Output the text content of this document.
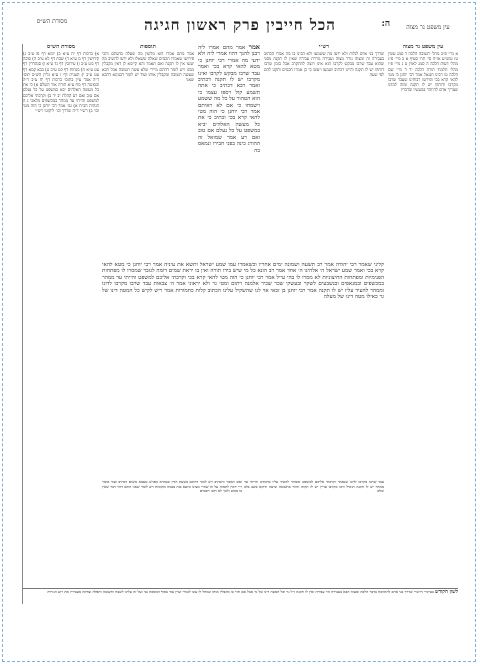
עין משפט נר מצוה
ה:
הכל חייבין פרק ראשון חגיגה
מסורת הש״ס
עין משפט נר מצוה
א מיי׳ פ״ב מהל׳ תשובה הלכה ד סמג עשין טז טוש״ע או״ח סי׳ תרו סעיף א ב מיי׳ פ״ג מהל׳ דעות הלכה ה סמג לאוין ט ג מיי׳ פ״ו מהל׳ תלמוד תורה הלכה יד ד מיי׳ שם הלכה טו רבינו חננאל אמר רבי יוחנן כי מטי להאי קרא בכי ופירשו רבותינו שעבד שרבו מקרבו ודוחהו יש לו תקנה ומזה למדנו שצריך אדם להיזהר במעשיו ובדבריו
רש״י
שדרך בני אדם לגלות ולא ידעו מה ששמעו ולא הבינו בו מה אמרו הכתוב בעבירה זה ומצוה גורר מצוה ועבירה גוררת עבירה שאין לו תקנה מפני שהוא עבד שרבו מבקש לקרבו הוא אינו רוצה להתקרב אבל בזמן שרבו דוחהו יש לו תקנה והיינו דכתיב ושמעו ויעשו כי כן אמרו חכמים ותקנו להם לפי שעה
אמר אמר מהם אמרו ליה רבנן להנך דהוו אמרי ליה ולא ידעי מה אמרי רבי יוחנן כי מטא להאי קרא בכי ואמר עבד שרבו מבקש לקרבו ואינו מקרבו יש לו תקנה דכתיב ואמר רבא דכתיב כי אתה תשמע קול ויספו עצמו כי הוא הטהור על כל מה ששמע וישמחו כי אם לא ראיתם אמר רבי יוחנן כי הוה מטי להאי קרא בכי וכתיב כי את כל מעשה האלהים יביא במשפט על כל נעלם אם טוב ואם רע אמר שמואל זה ההורג כינה בפני חבירו ונמאס בה
תוספות
אמר מהם אמרו הוא מלשון מה שעלה בדעתם והכי פירושו שאמרו חכמים שאלה ששאלו ולא ידעו להשיב מה יעשו אין לו תקנה ואם תאמר והא קיימא לן דאין מקבלין ממנו ויש לומר דהתם מיירי שלא עשה תשובה אבל הכא שעשה תשובה ומקבלין אותו ועוד יש לומר דבגוונא דהכא שאני
קליני שאמר רבי יהודה אמר רב תשעה ושמונה ימים אחריו וכשאמרו עמו שמע ישראל ותשא את עיניה אמר רבי יוחנן כי מטא להאי קרא בכי ואמר שמע ישראל ה׳ אלהינו ה׳ אחד אמר רב הונא כל מי שיש בידו תורה ואין בו יראת שמים דומה לגזבר שמסרו לו מפתחות הפנימיות ומפתחות החיצוניות לא מסרו לו בהי עייל אמר רבי יוחנן כי הוה מטי להאי קרא בכי וקרבתי אליכם למשפט והייתי עד ממהר במכשפים ובמנאפים ובנשבעים לשקר ובעשקי שכר שכיר אלמנה ויתום ומטי גר ולא יראוני אמר ה׳ צבאות עבד שרבו מקרבו לדונו וממהר להעיד עליו יש לו תקנה אמר רבי יוחנן בן זכאי אוי לנו שהשקיל עלינו הכתוב קלות כחמורות אמר ריש לקיש כל המטה דינו של גר כאילו מטה דינו של מעלה
עבד שרבו מקרבו לדונו שנאמר וקרבתי אליכם למשפט וממהר להעיד עליו כדכתיב והייתי עד ממהר יש לו תקנה הואיל ורבו מקרבו עדיין יש לו תקוה וחוזר בתשובה ונרצה ודוקא בשב בלב שלם
ואם תאמר והכתיב ויש לומר דהתם בשעת הדין ובגמרא מפרש טעמא משום דכתיב ועוד אומר ר״י דאין לתמוה על זה שהרי מצינו כיוצא בזה בכמה מקומות ויש לומר שאני התם דהוי דבר שאין בו ממש ולכך לא חשו חכמים
מסורת הש״ס
א) ברכות דף יח ע״א ב) יומא דף פו ע״ב ג) קידושין דף מ ע״א ד) שבת דף לא ע״ב ה) סוכה דף מט ע״ב ו) עירובין דף נד ע״א ז) סנהדרין דף צט ע״א ח) מנחות דף כט ע״ב ט) בבא קמא דף עט ע״ב י) תענית דף ז ע״א גליון הש״ס תוס׳ ד״ה אמר עיין בתוס׳ ברכות דף יח ע״ב ד״ה ובסוטה דף מח ע״א תורה אור השלם א) כי את כל מעשה האלהים יבא במשפט על כל נעלם אם טוב ואם רע קהלת יב יד ב) וקרבתי אליכם למשפט והייתי עד ממהר במכשפים מלאכי ג ה הגהות הב״ח א) גמ׳ אמר רבי יוחנן כי הוה מטי וכו׳ ב) רש״י ד״ה שדרך וכו׳ ליקוטי רש״י
לשון הקודש בעיקרי דרש״י שדרך בני אדם להתווכח בדבר הלכה ומצוה הבא בעבירה הוי עבירה ואין לו תקנה ז״ל גר וכל המטה דינו של גר אבל אם חזר בו מקבלין אותו ונמחל לו עונו לגמרי ועיין עוד בסוף המסכת גבי ועל זה עלינו לשבח ותשובה ותפלה וצדקה מעבירין את רוע הגזירה
